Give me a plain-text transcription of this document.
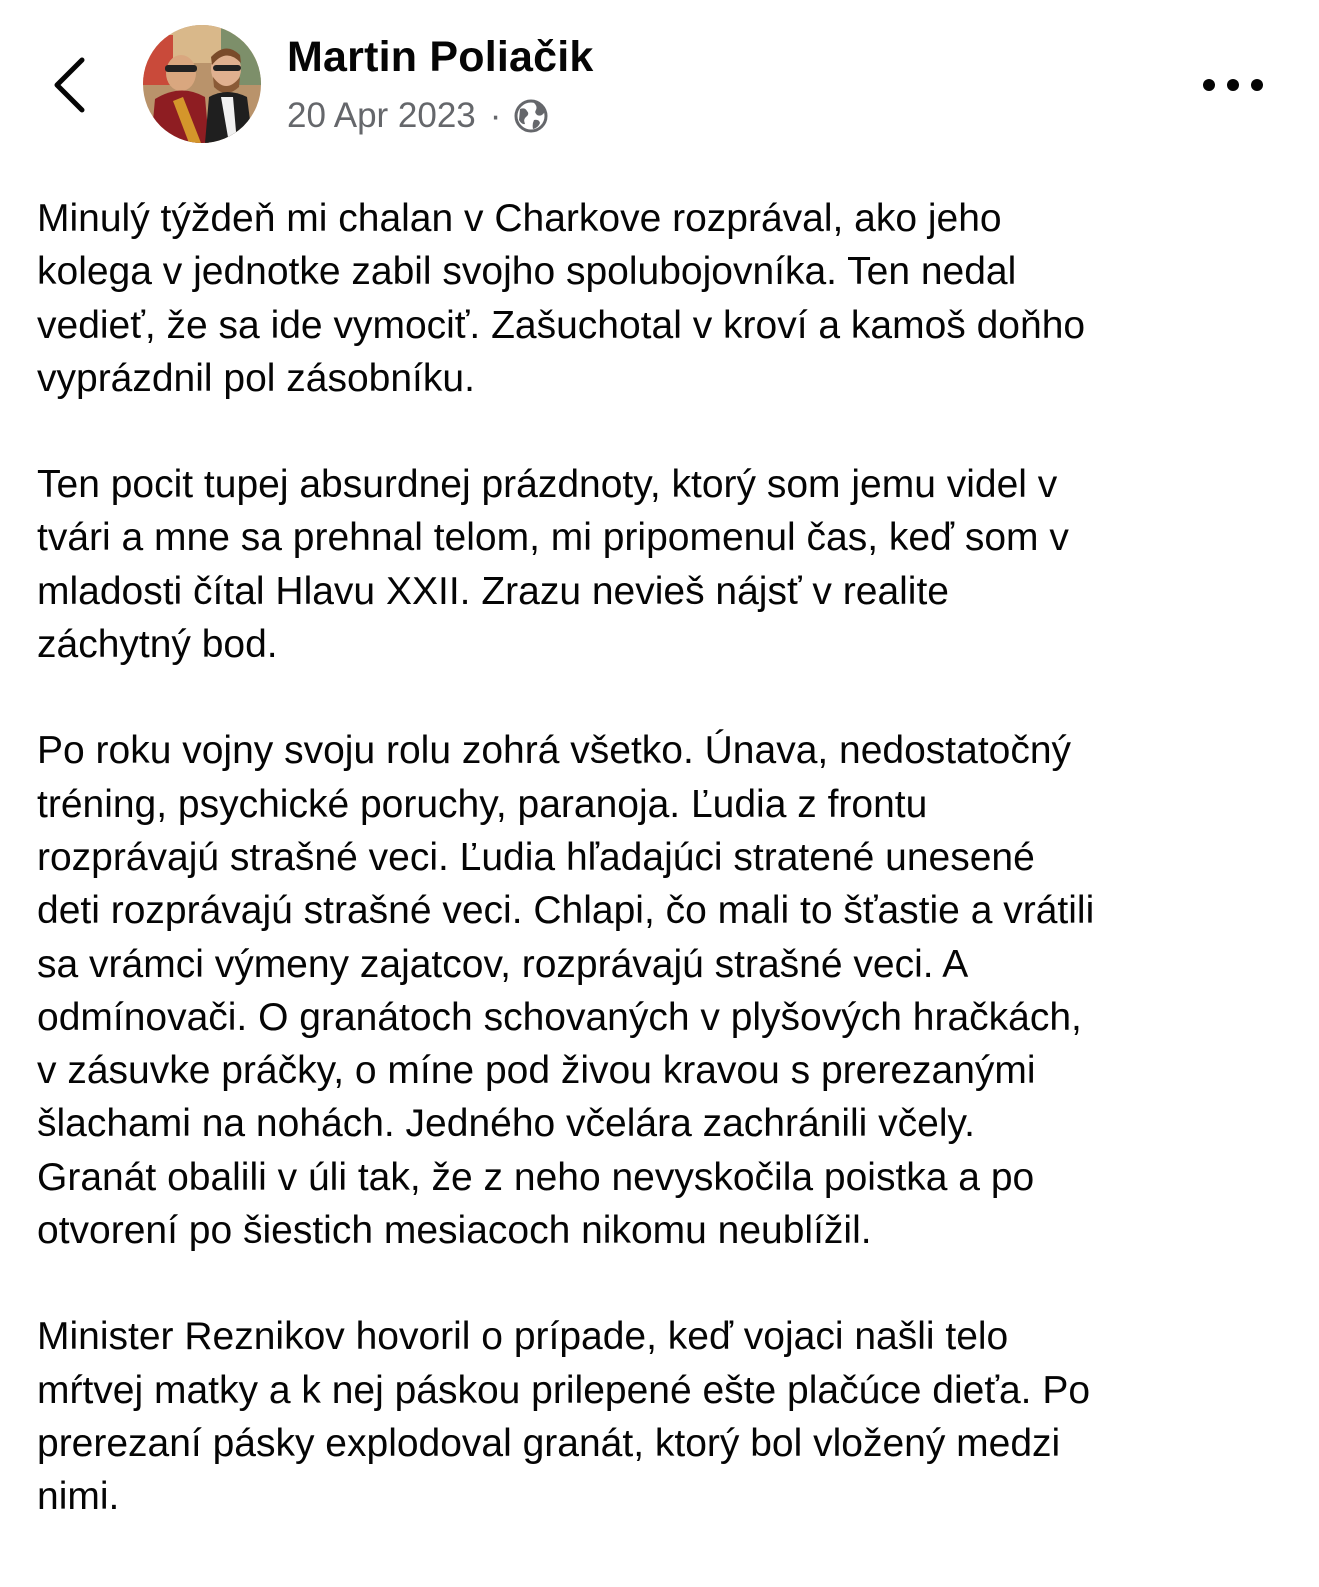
Martin Poliačik
20 Apr 2023 ·

Minulý týždeň mi chalan v Charkove rozprával, ako jeho
kolega v jednotke zabil svojho spolubojovníka. Ten nedal
vedieť, že sa ide vymociť. Zašuchotal v kroví a kamoš doňho
vyprázdnil pol zásobníku.

Ten pocit tupej absurdnej prázdnoty, ktorý som jemu videl v
tvári a mne sa prehnal telom, mi pripomenul čas, keď som v
mladosti čítal Hlavu XXII. Zrazu nevieš nájsť v realite
záchytný bod.

Po roku vojny svoju rolu zohrá všetko. Únava, nedostatočný
tréning, psychické poruchy, paranoja. Ľudia z frontu
rozprávajú strašné veci. Ľudia hľadajúci stratené unesené
deti rozprávajú strašné veci. Chlapi, čo mali to šťastie a vrátili
sa vrámci výmeny zajatcov, rozprávajú strašné veci. A
odmínovači. O granátoch schovaných v plyšových hračkách,
v zásuvke práčky, o míne pod živou kravou s prerezanými
šlachami na nohách. Jedného včelára zachránili včely.
Granát obalili v úli tak, že z neho nevyskočila poistka a po
otvorení po šiestich mesiacoch nikomu neublížil.

Minister Reznikov hovoril o prípade, keď vojaci našli telo
mŕtvej matky a k nej páskou prilepené ešte plačúce dieťa. Po
prerezaní pásky explodoval granát, ktorý bol vložený medzi
nimi.
